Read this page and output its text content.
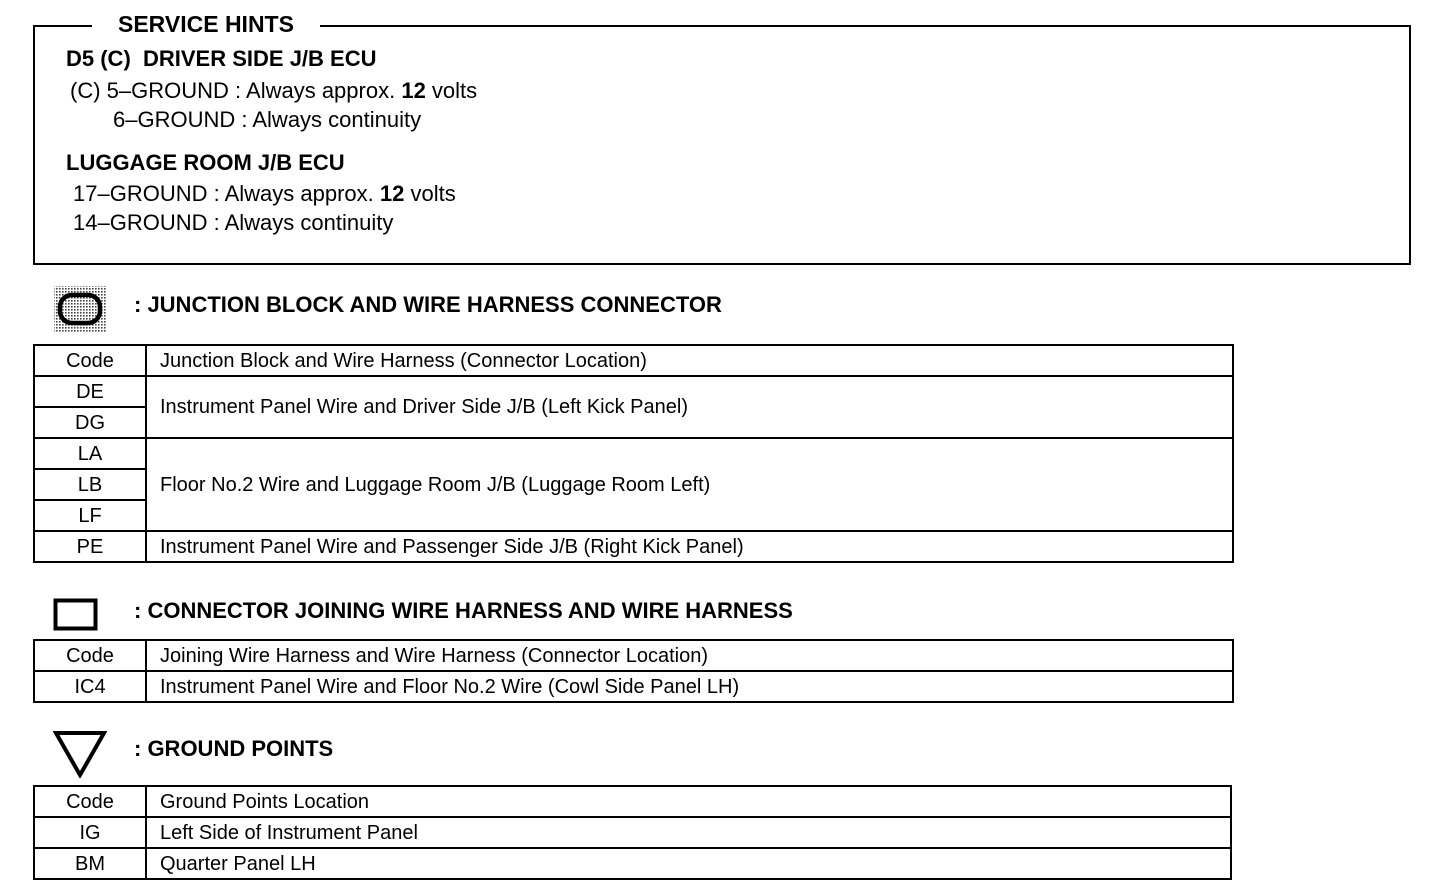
SERVICE HINTS
D5 (C)  DRIVER SIDE J/B ECU
(C) 5–GROUND : Always approx. 12 volts
6–GROUND : Always continuity
LUGGAGE ROOM J/B ECU
17–GROUND : Always approx. 12 volts
14–GROUND : Always continuity
: JUNCTION BLOCK AND WIRE HARNESS CONNECTOR
Code	Junction Block and Wire Harness (Connector Location)
DE	Instrument Panel Wire and Driver Side J/B (Left Kick Panel)
DG	
LA	Floor No.2 Wire and Luggage Room J/B (Luggage Room Left)
LB	
LF	
PE	Instrument Panel Wire and Passenger Side J/B (Right Kick Panel)
: CONNECTOR JOINING WIRE HARNESS AND WIRE HARNESS
Code	Joining Wire Harness and Wire Harness (Connector Location)
IC4	Instrument Panel Wire and Floor No.2 Wire (Cowl Side Panel LH)
: GROUND POINTS
Code	Ground Points Location
IG	Left Side of Instrument Panel
BM	Quarter Panel LH
